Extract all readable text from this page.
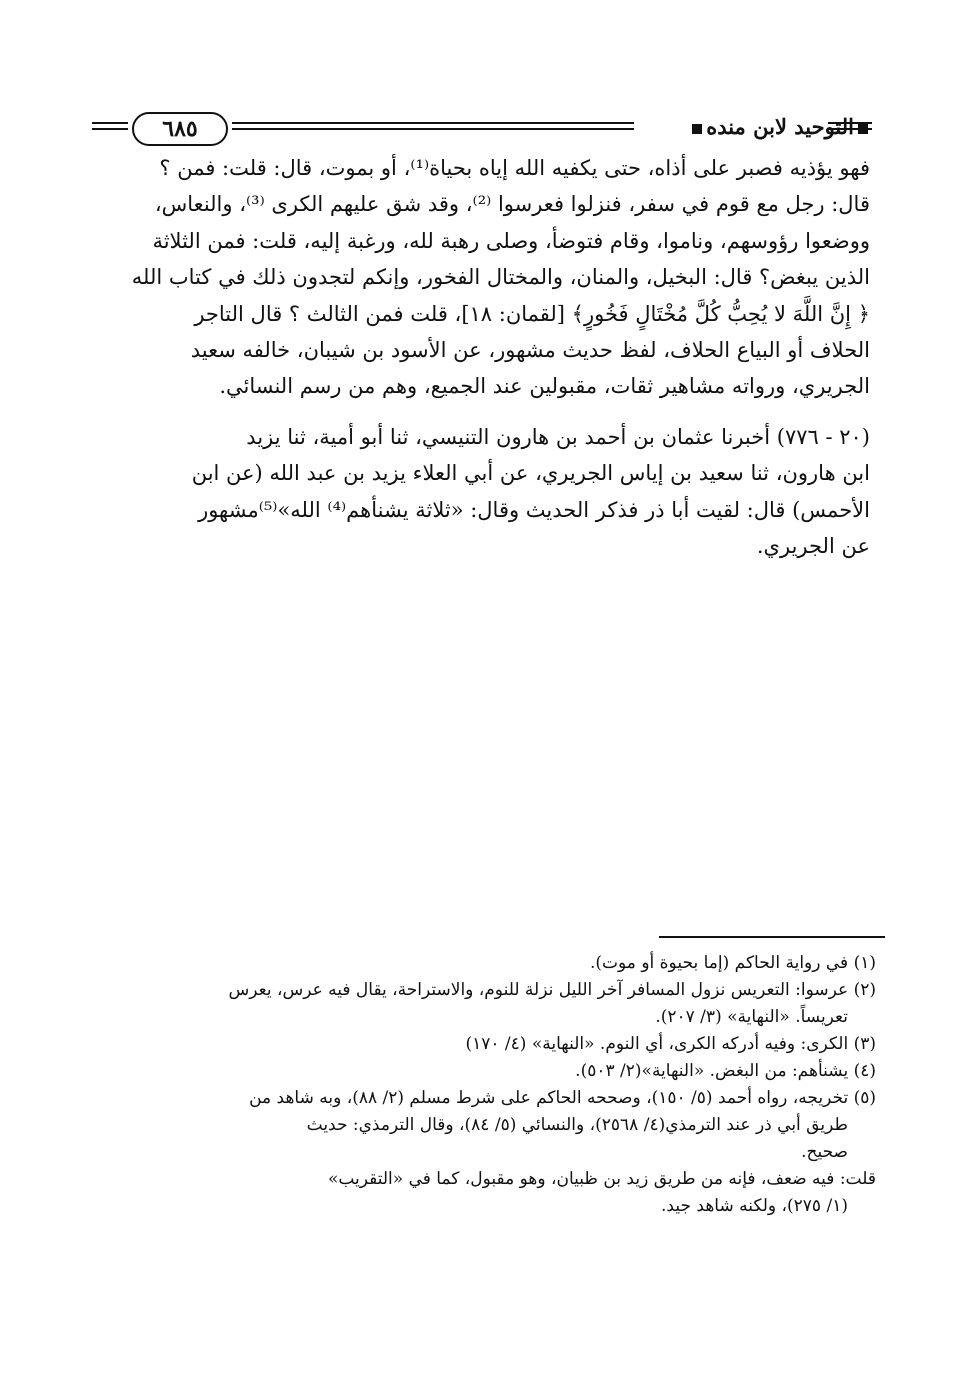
التوحيد لابن منده
٦٨٥

فهو يؤذيه فصبر على أذاه، حتى يكفيه الله إياه بحياة⁽¹⁾، أو بموت، قال: قلت: فمن ؟

قال: رجل مع قوم في سفر، فنزلوا فعرسوا ⁽²⁾، وقد شق عليهم الكرى ⁽³⁾، والنعاس،

ووضعوا رؤوسهم، وناموا، وقام فتوضأ، وصلى رهبة لله، ورغبة إليه، قلت: فمن الثلاثة

الذين يبغض؟ قال: البخيل، والمنان، والمختال الفخور، وإنكم لتجدون ذلك في كتاب الله

﴿ إِنَّ اللَّهَ لا يُحِبُّ كُلَّ مُخْتَالٍ فَخُورٍ﴾ [لقمان: ١٨]، قلت فمن الثالث ؟ قال التاجر

الحلاف أو البياع الحلاف، لفظ حديث مشهور، عن الأسود بن شيبان، خالفه سعيد

الجريري، ورواته مشاهير ثقات، مقبولين عند الجميع، وهم من رسم النسائي.

(٢٠ - ٧٧٦) أخبرنا عثمان بن أحمد بن هارون التنيسي، ثنا أبو أمية، ثنا يزيد

ابن هارون، ثنا سعيد بن إياس الجريري، عن أبي العلاء يزيد بن عبد الله (عن ابن

الأحمس) قال: لقيت أبا ذر فذكر الحديث وقال: «ثلاثة يشنأهم⁽⁴⁾ الله»⁽⁵⁾مشهور

عن الجريري.

(١) في رواية الحاكم (إما بحيوة أو موت).

(٢) عرسوا: التعريس نزول المسافر آخر الليل نزلة للنوم، والاستراحة، يقال فيه عرس، يعرس

تعريساً. «النهاية» (٣/ ٢٠٧).

(٣) الكرى: وفيه أدركه الكرى، أي النوم. «النهاية» (٤/ ١٧٠)

(٤) يشنأهم: من البغض. «النهاية»(٢/ ٥٠٣).

(٥) تخريجه، رواه أحمد (٥/ ١٥٠)، وصححه الحاكم على شرط مسلم (٢/ ٨٨)، وبه شاهد من

طريق أبي ذر عند الترمذي(٤/ ٢٥٦٨)، والنسائي (٥/ ٨٤)، وقال الترمذي: حديث

صحيح.

قلت: فيه ضعف، فإنه من طريق زيد بن ظبيان، وهو مقبول، كما في «التقريب»

(١/ ٢٧٥)، ولكنه شاهد جيد.
